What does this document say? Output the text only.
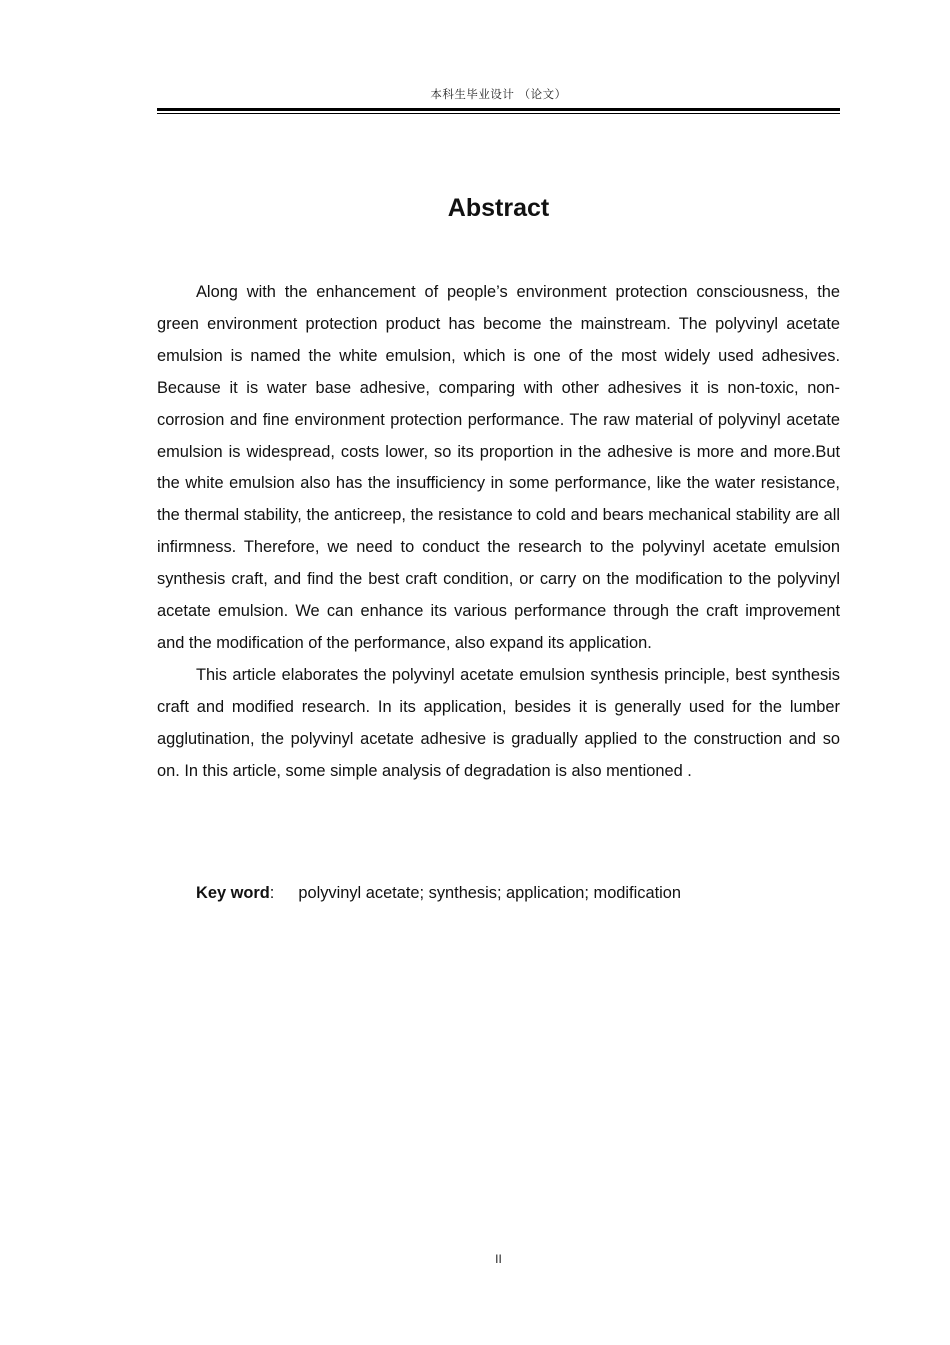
本科生毕业设计 （论文）
Abstract

Along with the enhancement of people’s environment protection consciousness, the green environment protection product has become the mainstream. The polyvinyl acetate emulsion is named the white emulsion, which is one of the most widely used adhesives. Because it is water base adhesive, comparing with other adhesives it is non-toxic, non-corrosion and fine environment protection performance. The raw material of polyvinyl acetate emulsion is widespread, costs lower, so its proportion in the adhesive is more and more.But the white emulsion also has the insufficiency in some performance, like the water resistance, the thermal stability, the anticreep, the resistance to cold and bears mechanical stability are all infirmness. Therefore, we need to conduct the research to the polyvinyl acetate emulsion synthesis craft, and find the best craft condition, or carry on the modification to the polyvinyl acetate emulsion. We can enhance its various performance through the craft improvement and the modification of the performance, also expand its application.

This article elaborates the polyvinyl acetate emulsion synthesis principle, best synthesis craft and modified research. In its application, besides it is generally used for the lumber agglutination, the polyvinyl acetate adhesive is gradually applied to the construction and so on. In this article, some simple analysis of degradation is also mentioned .

Key word: polyvinyl acetate; synthesis; application; modification
II
